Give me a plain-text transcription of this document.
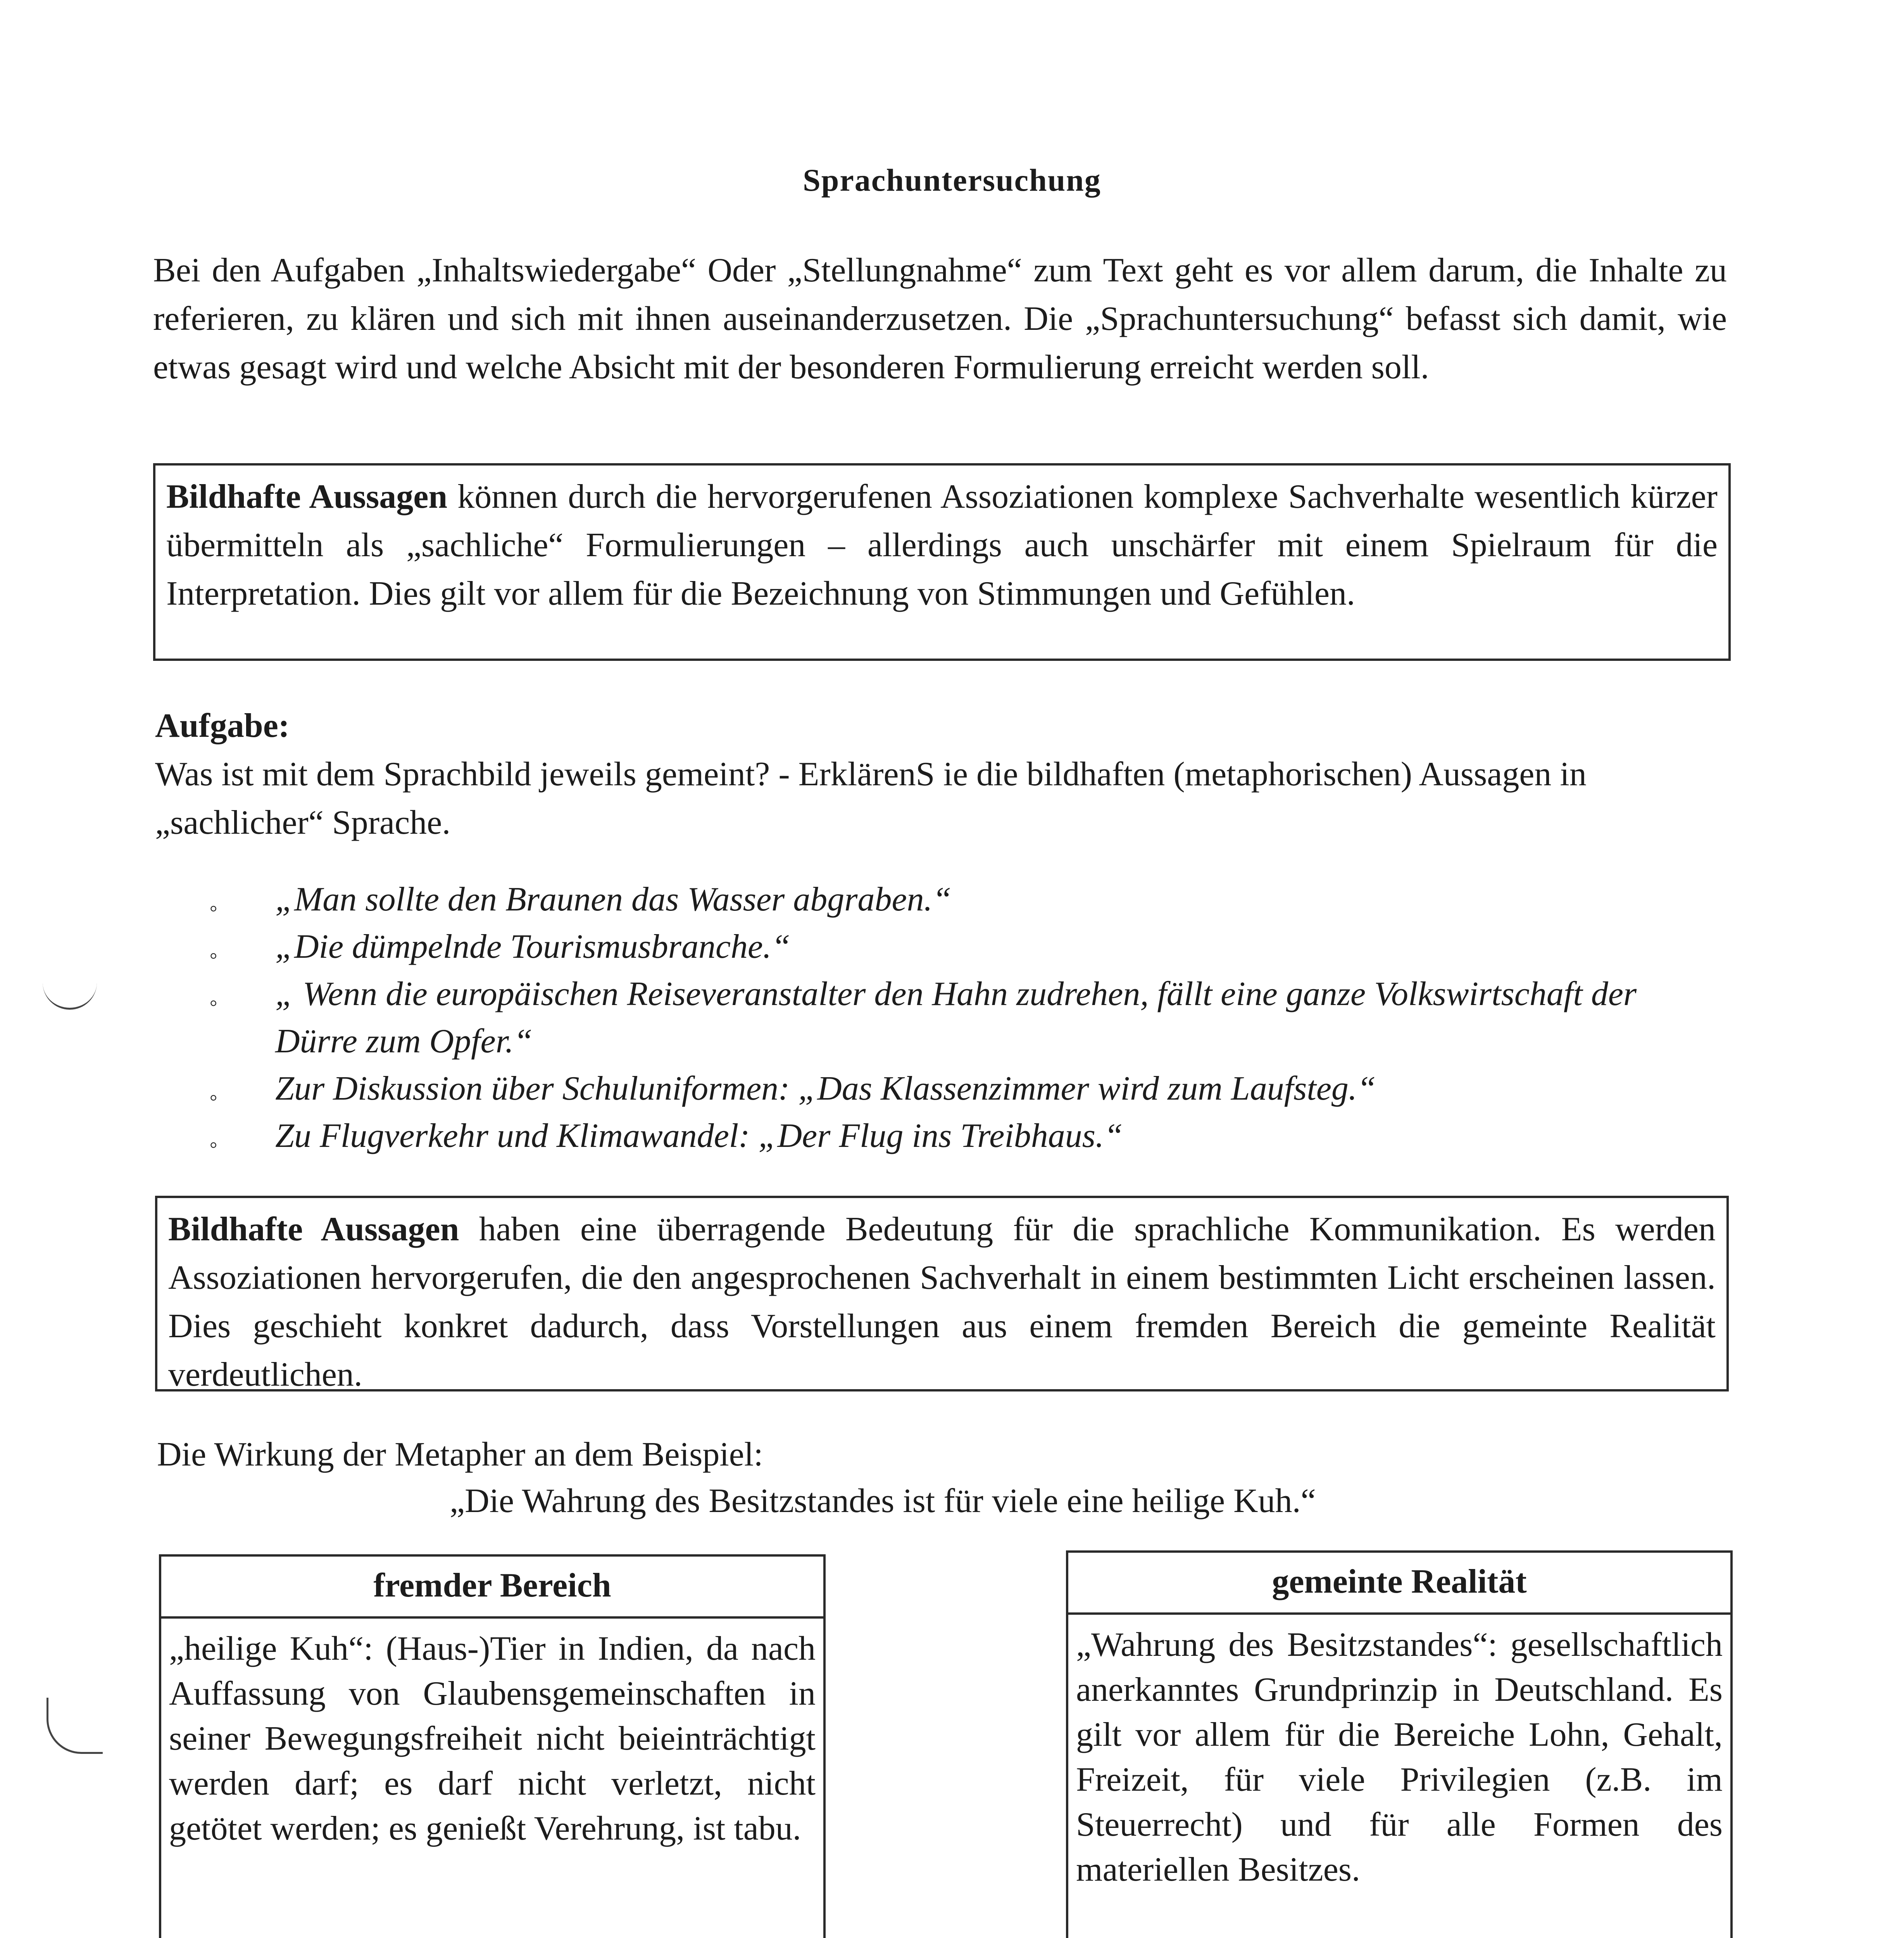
Sprachuntersuchung
Bei den Aufgaben „Inhaltswiedergabe“ Oder „Stellungnahme“ zum Text geht es vor allem darum, die Inhalte zu referieren, zu klären und sich mit ihnen auseinanderzusetzen. Die „Sprachuntersuchung“ befasst sich damit, wie etwas gesagt wird und welche Absicht mit der besonderen Formulierung erreicht werden soll.
Bildhafte Aussagen können durch die hervorgerufenen Assoziationen komplexe Sachverhalte wesentlich kürzer übermitteln als „sachliche“ Formulierungen – allerdings auch unschärfer mit einem Spielraum für die Interpretation. Dies gilt vor allem für die Bezeichnung von Stimmungen und Gefühlen.
Aufgabe:
Was ist mit dem Sprachbild jeweils gemeint? - ErklärenS ie die bildhaften (metaphorischen) Aussagen in „sachlicher“ Sprache.
◦ „Man sollte den Braunen das Wasser abgraben.“
◦ „Die dümpelnde Tourismusbranche.“
◦ „ Wenn die europäischen Reiseveranstalter den Hahn zudrehen, fällt eine ganze Volkswirtschaft der Dürre zum Opfer.“
◦ Zur Diskussion über Schuluniformen: „Das Klassenzimmer wird zum Laufsteg.“
◦ Zu Flugverkehr und Klimawandel: „Der Flug ins Treibhaus.“
Bildhafte Aussagen haben eine überragende Bedeutung für die sprachliche Kommunikation. Es werden Assoziationen hervorgerufen, die den angesprochenen Sachverhalt in einem bestimmten Licht erscheinen lassen. Dies geschieht konkret dadurch, dass Vorstellungen aus einem fremden Bereich die gemeinte Realität verdeutlichen.
Die Wirkung der Metapher an dem Beispiel:
„Die Wahrung des Besitzstandes ist für viele eine heilige Kuh.“
fremder Bereich
„heilige Kuh“: (Haus-)Tier in Indien, da nach Auffassung von Glaubensgemeinschaften in seiner Bewegungsfreiheit nicht beieinträchtigt werden darf; es darf nicht verletzt, nicht getötet werden; es genießt Verehrung, ist tabu.
gemeinte Realität
„Wahrung des Besitzstandes“: gesellschaftlich anerkanntes Grundprinzip in Deutschland. Es gilt vor allem für die Bereiche Lohn, Gehalt, Freizeit, für viele Privilegien (z.B. im Steuerrecht) und für alle Formen des materiellen Besitzes.
